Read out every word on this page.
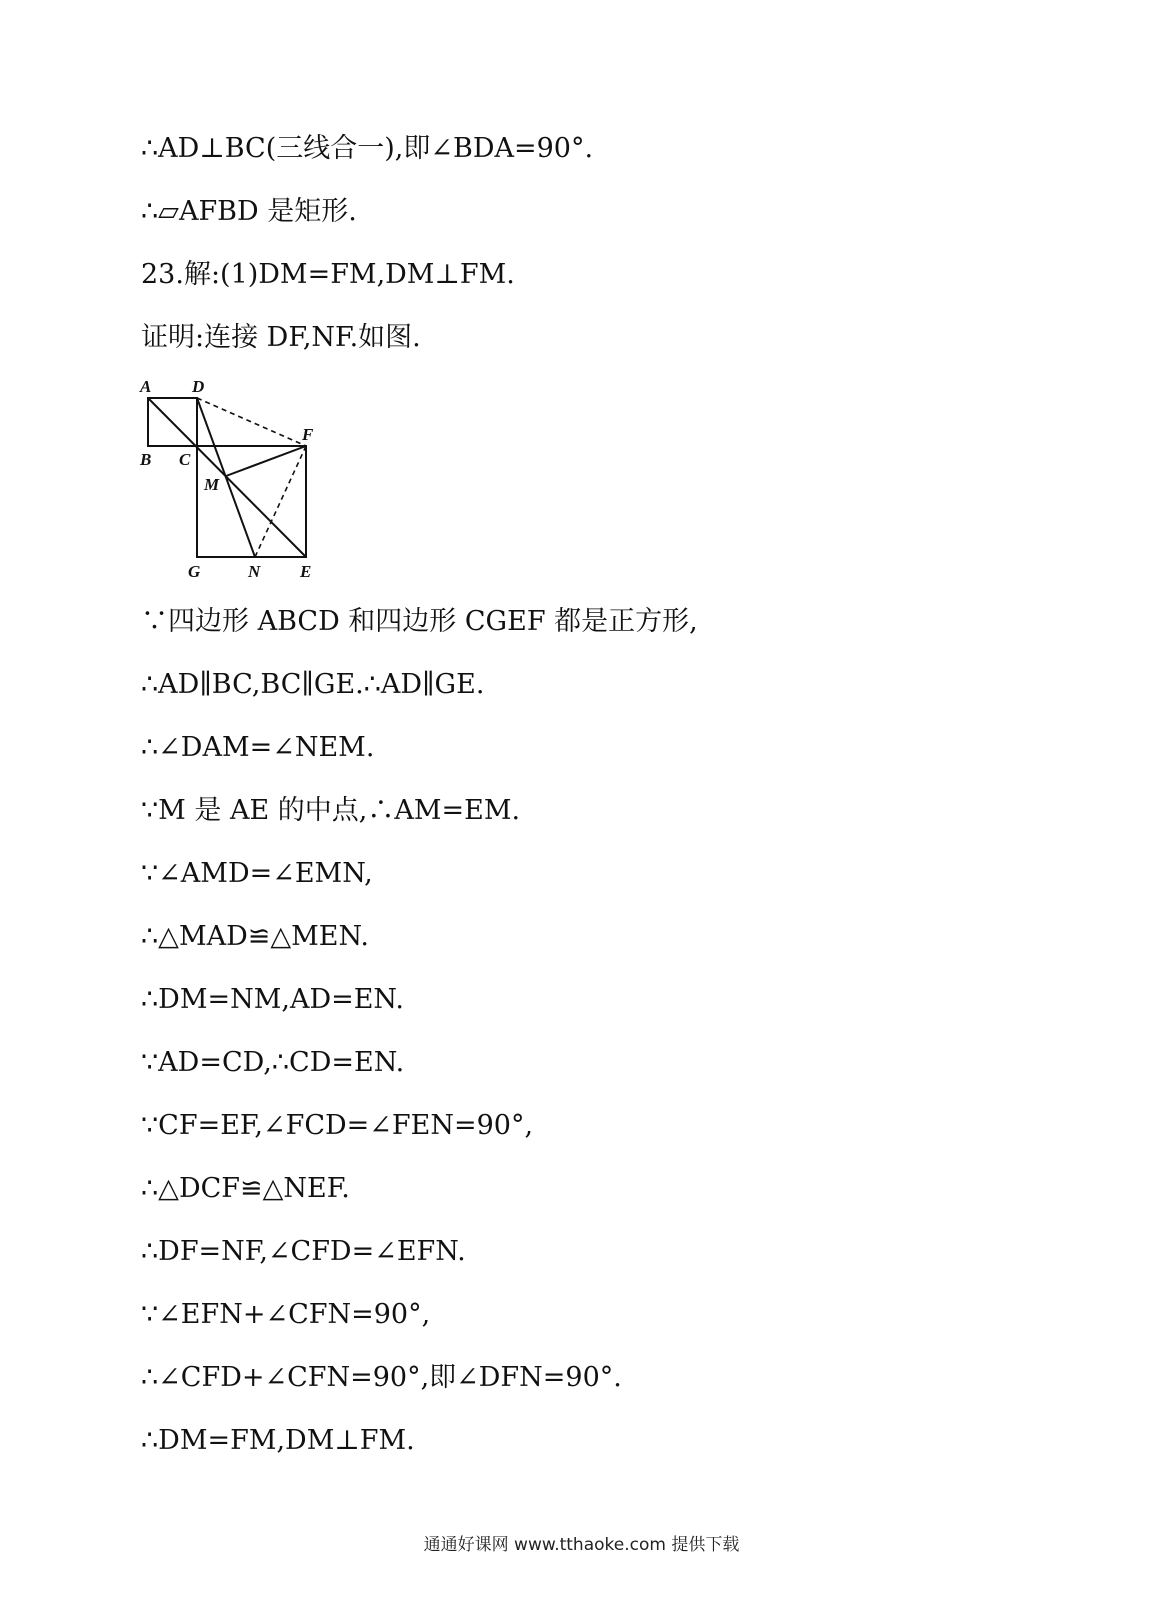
∴AD⊥BC(三线合一),即∠BDA=90°.
∴▱AFBD 是矩形.
23.解:(1)DM=FM,DM⊥FM.
证明:连接 DF,NF.如图.
A D
B C
F
M
G	N E
∵四边形 ABCD 和四边形 CGEF 都是正方形,
∴AD∥BC,BC∥GE.∴AD∥GE.
∴∠DAM=∠NEM.
∵M 是 AE 的中点,∴AM=EM.
∵∠AMD=∠EMN,
∴△MAD≌△MEN.
∴DM=NM,AD=EN.
∵AD=CD,∴CD=EN.
∵CF=EF,∠FCD=∠FEN=90°,
∴△DCF≌△NEF.
∴DF=NF,∠CFD=∠EFN.
∵∠EFN+∠CFN=90°,
∴∠CFD+∠CFN=90°,即∠DFN=90°.
∴DM=FM,DM⊥FM.
通通好课网 www.tthaoke.com 提供下载
